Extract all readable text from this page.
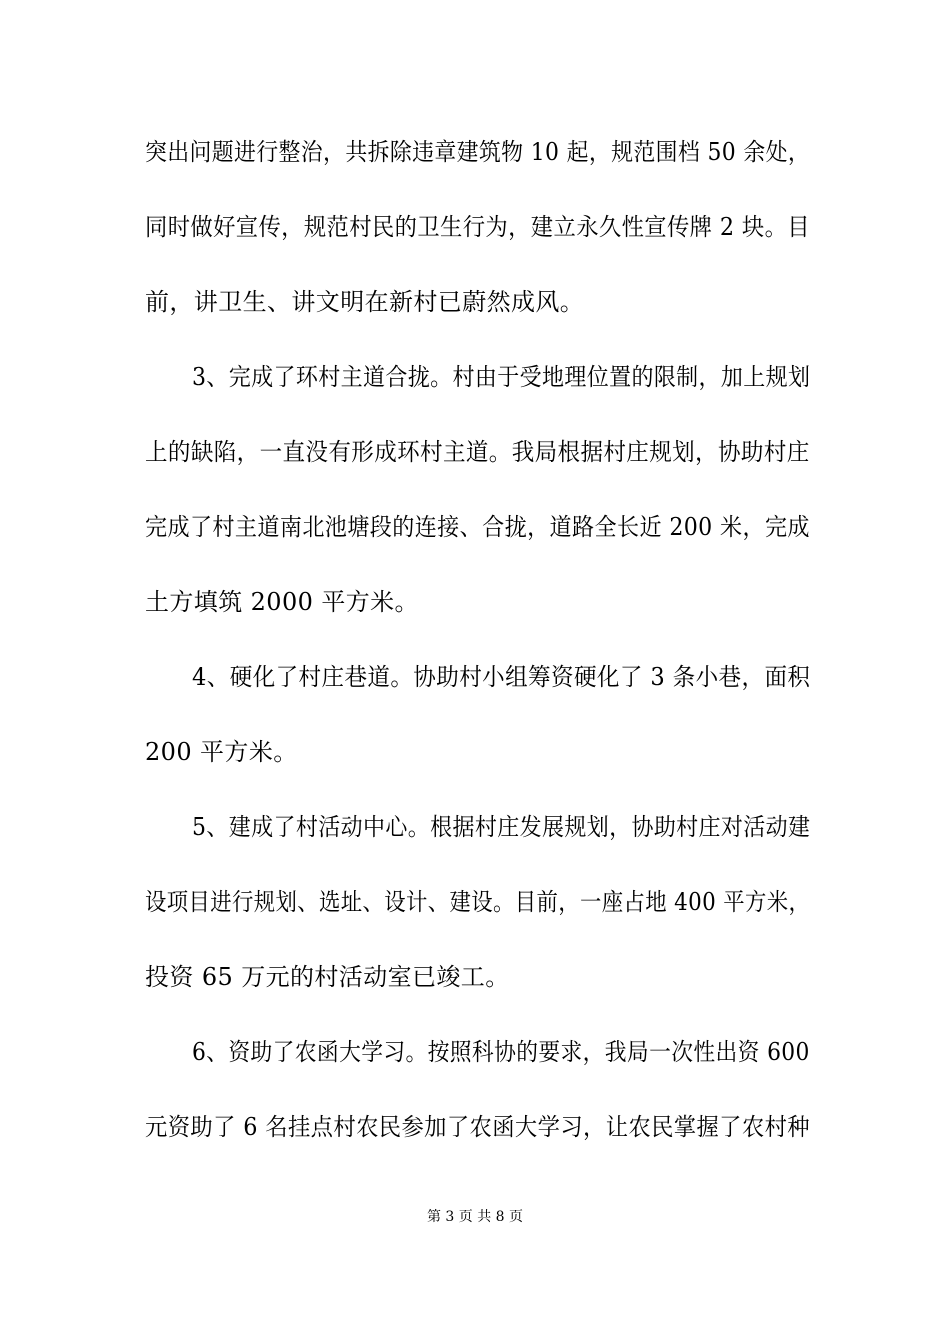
突出问题进行整治，共拆除违章建筑物 10 起，规范围档 50 余处，
同时做好宣传，规范村民的卫生行为，建立永久性宣传牌 2 块。目
前，讲卫生、讲文明在新村已蔚然成风。
3、完成了环村主道合拢。村由于受地理位置的限制，加上规划
上的缺陷，一直没有形成环村主道。我局根据村庄规划，协助村庄
完成了村主道南北池塘段的连接、合拢，道路全长近 200 米，完成
土方填筑 2000 平方米。
4、硬化了村庄巷道。协助村小组筹资硬化了 3 条小巷，面积
200 平方米。
5、建成了村活动中心。根据村庄发展规划，协助村庄对活动建
设项目进行规划、选址、设计、建设。目前，一座占地 400 平方米，
投资 65 万元的村活动室已竣工。
6、资助了农函大学习。按照科协的要求，我局一次性出资 600
元资助了 6 名挂点村农民参加了农函大学习，让农民掌握了农村种
第 3 页 共 8 页
